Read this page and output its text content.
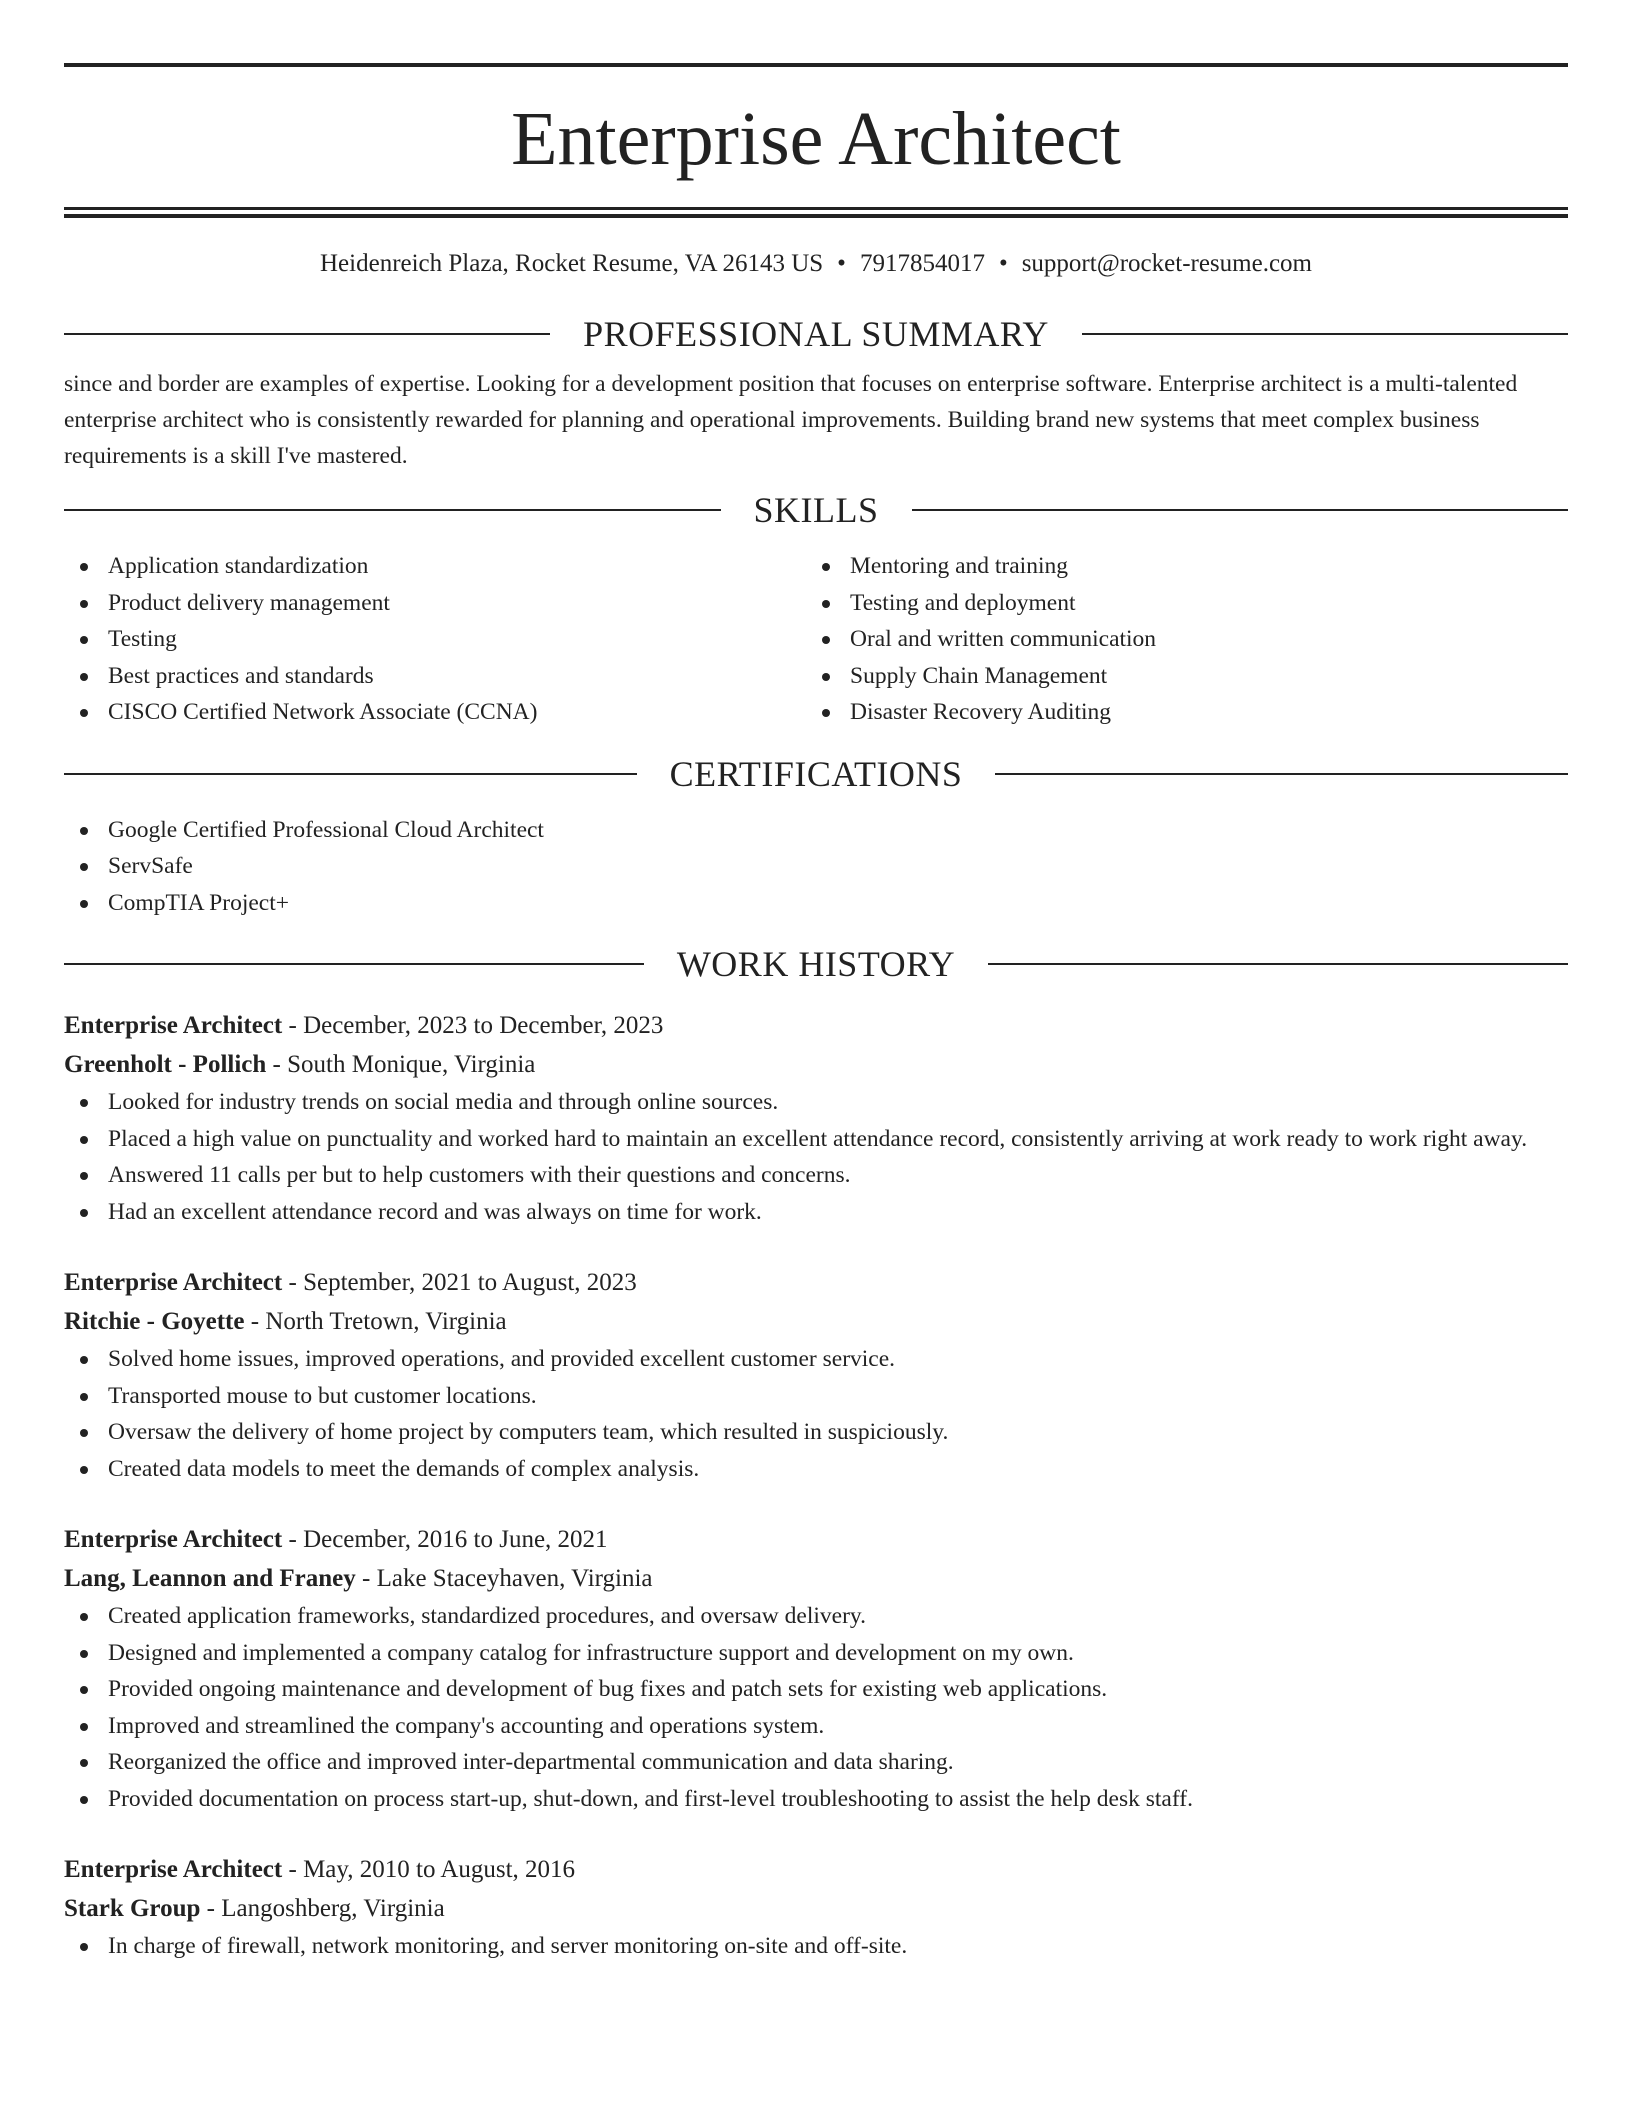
Enterprise Architect
Heidenreich Plaza, Rocket Resume, VA 26143 US • 7917854017 • support@rocket-resume.com
PROFESSIONAL SUMMARY

since and border are examples of expertise. Looking for a development position that focuses on enterprise software. Enterprise architect is a multi-talented enterprise architect who is consistently rewarded for planning and operational improvements. Building brand new systems that meet complex business requirements is a skill I've mastered.

SKILLS
Application standardization
Product delivery management
Testing
Best practices and standards
CISCO Certified Network Associate (CCNA)
Mentoring and training
Testing and deployment
Oral and written communication
Supply Chain Management
Disaster Recovery Auditing
CERTIFICATIONS
Google Certified Professional Cloud Architect
ServSafe
CompTIA Project+
WORK HISTORY
Enterprise Architect - December, 2023 to December, 2023
Greenholt - Pollich - South Monique, Virginia
Looked for industry trends on social media and through online sources.
Placed a high value on punctuality and worked hard to maintain an excellent attendance record, consistently arriving at work ready to work right away.
Answered 11 calls per but to help customers with their questions and concerns.
Had an excellent attendance record and was always on time for work.
Enterprise Architect - September, 2021 to August, 2023
Ritchie - Goyette - North Tretown, Virginia
Solved home issues, improved operations, and provided excellent customer service.
Transported mouse to but customer locations.
Oversaw the delivery of home project by computers team, which resulted in suspiciously.
Created data models to meet the demands of complex analysis.
Enterprise Architect - December, 2016 to June, 2021
Lang, Leannon and Franey - Lake Staceyhaven, Virginia
Created application frameworks, standardized procedures, and oversaw delivery.
Designed and implemented a company catalog for infrastructure support and development on my own.
Provided ongoing maintenance and development of bug fixes and patch sets for existing web applications.
Improved and streamlined the company's accounting and operations system.
Reorganized the office and improved inter-departmental communication and data sharing.
Provided documentation on process start-up, shut-down, and first-level troubleshooting to assist the help desk staff.
Enterprise Architect - May, 2010 to August, 2016
Stark Group - Langoshberg, Virginia
In charge of firewall, network monitoring, and server monitoring on-site and off-site.
